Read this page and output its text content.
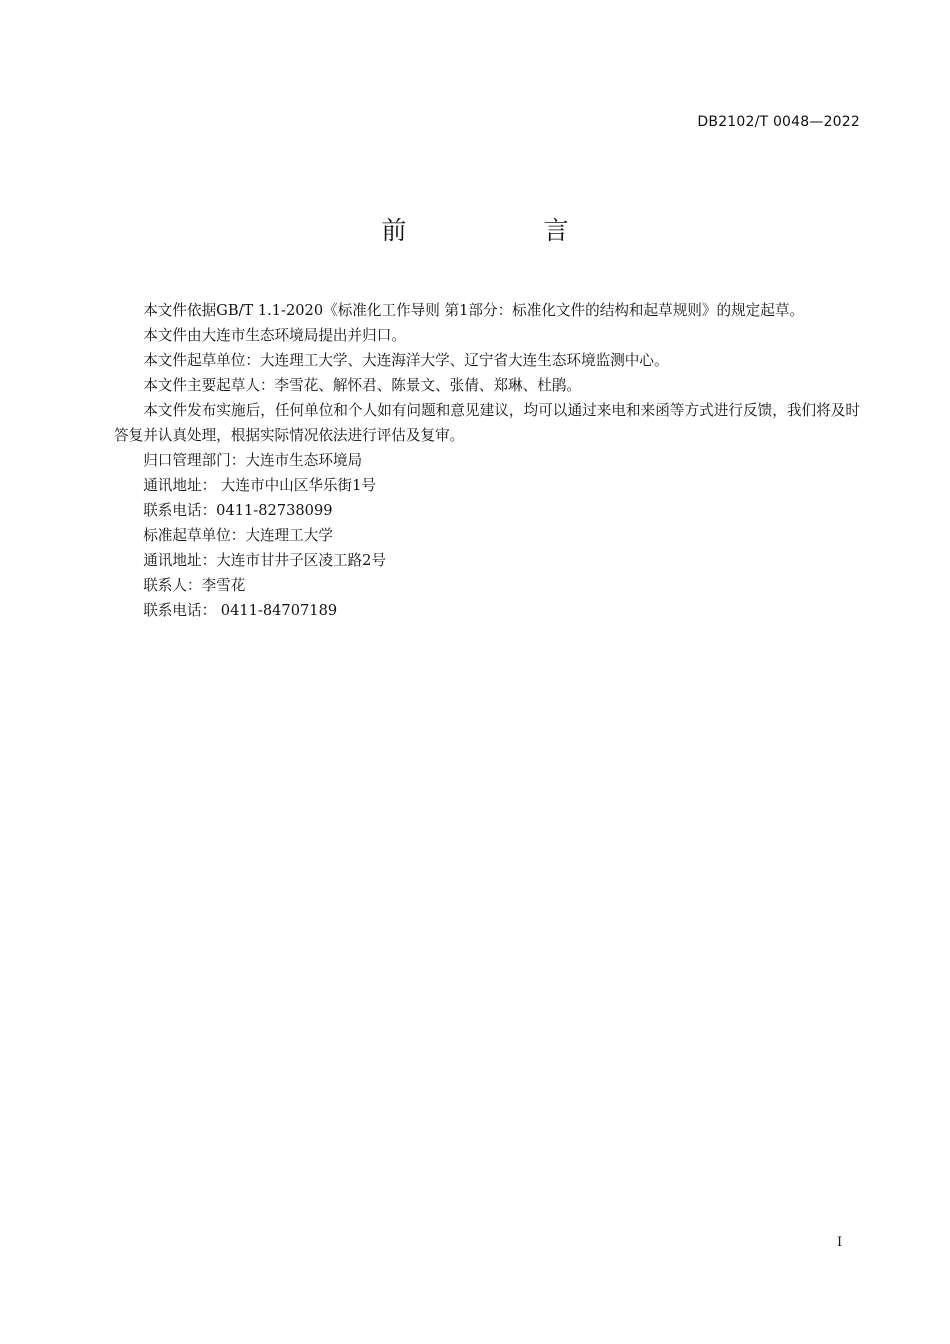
DB2102/T 0048—2022
前　言

本文件依据GB/T 1.1-2020《标准化工作导则 第1部分：标准化文件的结构和起草规则》的规定起草。

本文件由大连市生态环境局提出并归口。

本文件起草单位：大连理工大学、大连海洋大学、辽宁省大连生态环境监测中心。

本文件主要起草人：李雪花、解怀君、陈景文、张倩、郑琳、杜鹃。

本文件发布实施后，任何单位和个人如有问题和意见建议，均可以通过来电和来函等方式进行反馈，我们将及时答复并认真处理，根据实际情况依法进行评估及复审。

归口管理部门：大连市生态环境局

通讯地址： 大连市中山区华乐街1号

联系电话：0411-82738099

标准起草单位：大连理工大学

通讯地址：大连市甘井子区凌工路2号

联系人：李雪花

联系电话： 0411-84707189

I
